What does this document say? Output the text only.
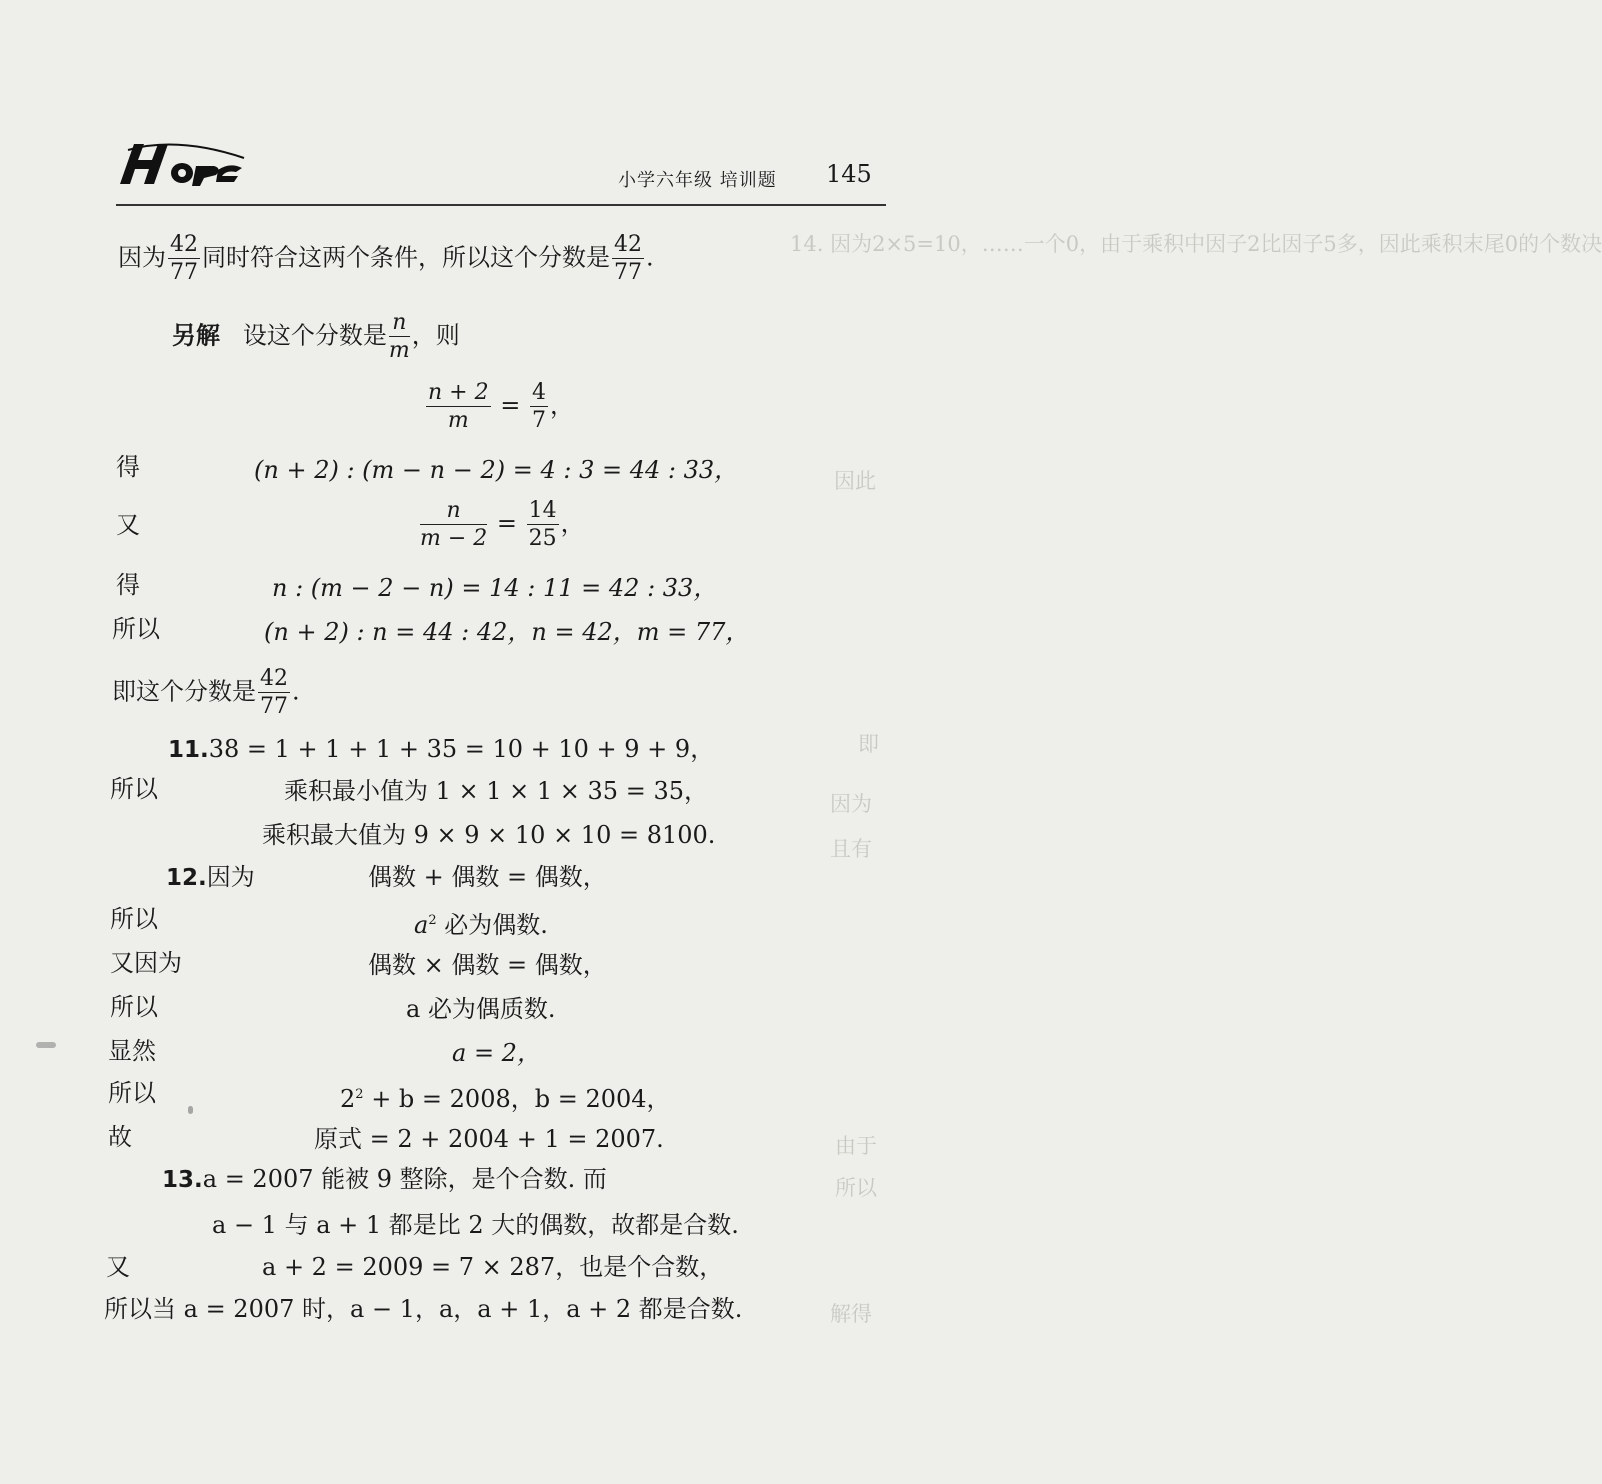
14. 因为2×5=10，……一个0，由于乘积中因子2比因子5多，因此乘积末尾0的个数决
因此
即
因为
且有
由于
所以
解得
小学六年级 培训题 145
因为 $\frac{42}{77}$ 同时符合这两个条件，所以这个分数是 $\frac{42}{77}$ .
另解 设这个分数是 $\frac{n}{m}$ ，则
$\frac{n + 2}{m} = \frac{4}{7}$ ，
得	(n + 2) : (m − n − 2) = 4 : 3 = 44 : 33，
又	$\frac{n}{m - 2} = \frac{14}{25}$ ，
得	n : (m − 2 − n) = 14 : 11 = 42 : 33，
所以	(n + 2) : n = 44 : 42，n = 42，m = 77，
即这个分数是 $\frac{42}{77}$ .
11.38 = 1 + 1 + 1 + 35 = 10 + 10 + 9 + 9，
所以	乘积最小值为 1 × 1 × 1 × 35 = 35，
乘积最大值为 9 × 9 × 10 × 10 = 8100.
12.因为	偶数 + 偶数 = 偶数，
所以	$a^2$ 必为偶数.
又因为	偶数 × 偶数 = 偶数，
所以	a 必为偶质数.
显然	a = 2，
所以	$2^2 + b = 2008$，b = 2004，
故	原式 = 2 + 2004 + 1 = 2007.
13.a = 2007 能被 9 整除，是个合数. 而
a − 1 与 a + 1 都是比 2 大的偶数，故都是合数.
又	a + 2 = 2009 = 7 × 287，也是个合数，
所以当 a = 2007 时，a − 1，a，a + 1，a + 2 都是合数.
